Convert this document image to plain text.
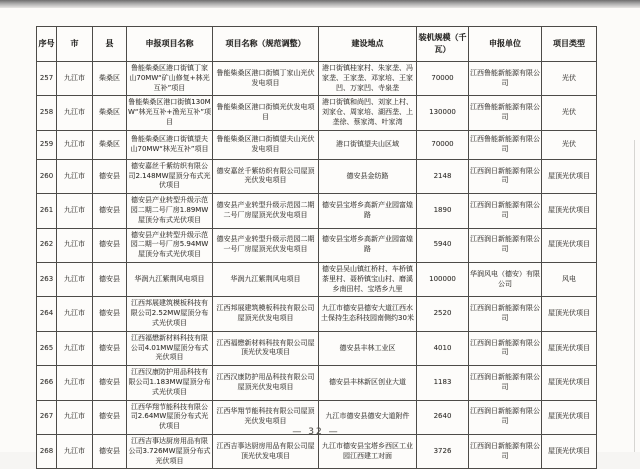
序号	市	县	申报项目名称	项目名称（规范调整）	建设地点	装机规模（千瓦）	申报单位	项目类型
257	九江市	柴桑区	鲁能柴桑区港口街镇丁家山70MW“矿山修复+林光互补”项目	鲁能柴桑区港口街镇丁家山光伏发电项目	港口街镇桂家村、朱家垄、冯家垄、王家垄、邓家培、王家凹、万家凹、寺泉垄	70000	江西鲁能新能源有限公司	光伏
258	九江市	柴桑区	鲁能柴桑区港口街镇130MW“林光互补+渔光互补”项目	鲁能柴桑区港口街镇光伏发电项目	港口街镇和尚凹、刘家上村、刘家仓、周家培、湖西垄、上垄徐、蔡家湾、叶家湾	130000	江西鲁能新能源有限公司	光伏
259	九江市	柴桑区	鲁能柴桑区港口街镇望夫山70MW“林光互补”项目	鲁能柴桑区港口街镇望夫山光伏发电项目	港口街镇望夫山区域	70000	江西鲁能新能源有限公司	光伏
260	九江市	德安县	德安嘉丝千紫纺织有限公司2.148MW屋顶分布式光伏项目	德安嘉丝千紫纺织有限公司屋顶光伏发电项目	德安县金纺路	2148	江西润日新能源有限公司	屋顶光伏项目
261	九江市	德安县	德安县产业转型升级示范园二期二号厂房1.89MW屋顶分布式光伏项目	德安县产业转型升级示范园二期二号厂房屋顶光伏发电项目	德安县宝塔乡高新产业园富煌路	1890	江西润日新能源有限公司	屋顶光伏项目
262	九江市	德安县	德安县产业转型升级示范园二期一号厂房5.94MW屋顶分布式光伏项目	德安县产业转型升级示范园二期一号厂房屋顶光伏发电项目	德安县宝塔乡高新产业园富煌路	5940	江西润日新能源有限公司	屋顶光伏项目
263	九江市	德安县	华润九江紫荆风电项目	华润九江紫荆风电项目	德安县吴山镇红桥村、车桥镇茶里村、聂桥镇宝山村、磨溪乡南田村、宝塔乡九里	100000	华润风电（德安）有限公司	风电
264	九江市	德安县	江西邦展建筑模板科技有限公司2.52MW屋顶分布式光伏项目	江西邦展建筑模板科技有限公司屋顶光伏发电项目	九江市德安县德安大道江西水土保持生态科技园南侧约30米	2520	江西润日新能源有限公司	屋顶光伏项目
265	九江市	德安县	江西福懋新材料科技有限公司4.01MW屋顶分布式光伏项目	江西福懋新材料科技有限公司屋顶光伏发电项目	德安县丰林工业区	4010	江西润日新能源有限公司	屋顶光伏项目
266	九江市	德安县	江西汉康防护用品科技有限公司1.183MW屋顶分布式光伏项目	江西汉康防护用品科技有限公司屋顶光伏发电项目	德安县丰林新区创业大道	1183	江西润日新能源有限公司	屋顶光伏项目
267	九江市	德安县	江西华翔节能科技有限公司2.64MW屋顶分布式光伏项目	江西华翔节能科技有限公司屋顶光伏发电项目	九江市德安县德安大道附件	2640	江西润日新能源有限公司	屋顶光伏项目
268	九江市	德安县	江西吉事达厨房用品有限公司3.726MW屋顶分布式光伏项目	江西吉事达厨房用品有限公司屋顶光伏发电项目	九江市德安县宝塔乡西区工业园江西建工对面	3726	江西润日新能源有限公司	屋顶光伏项目
— 32 —
